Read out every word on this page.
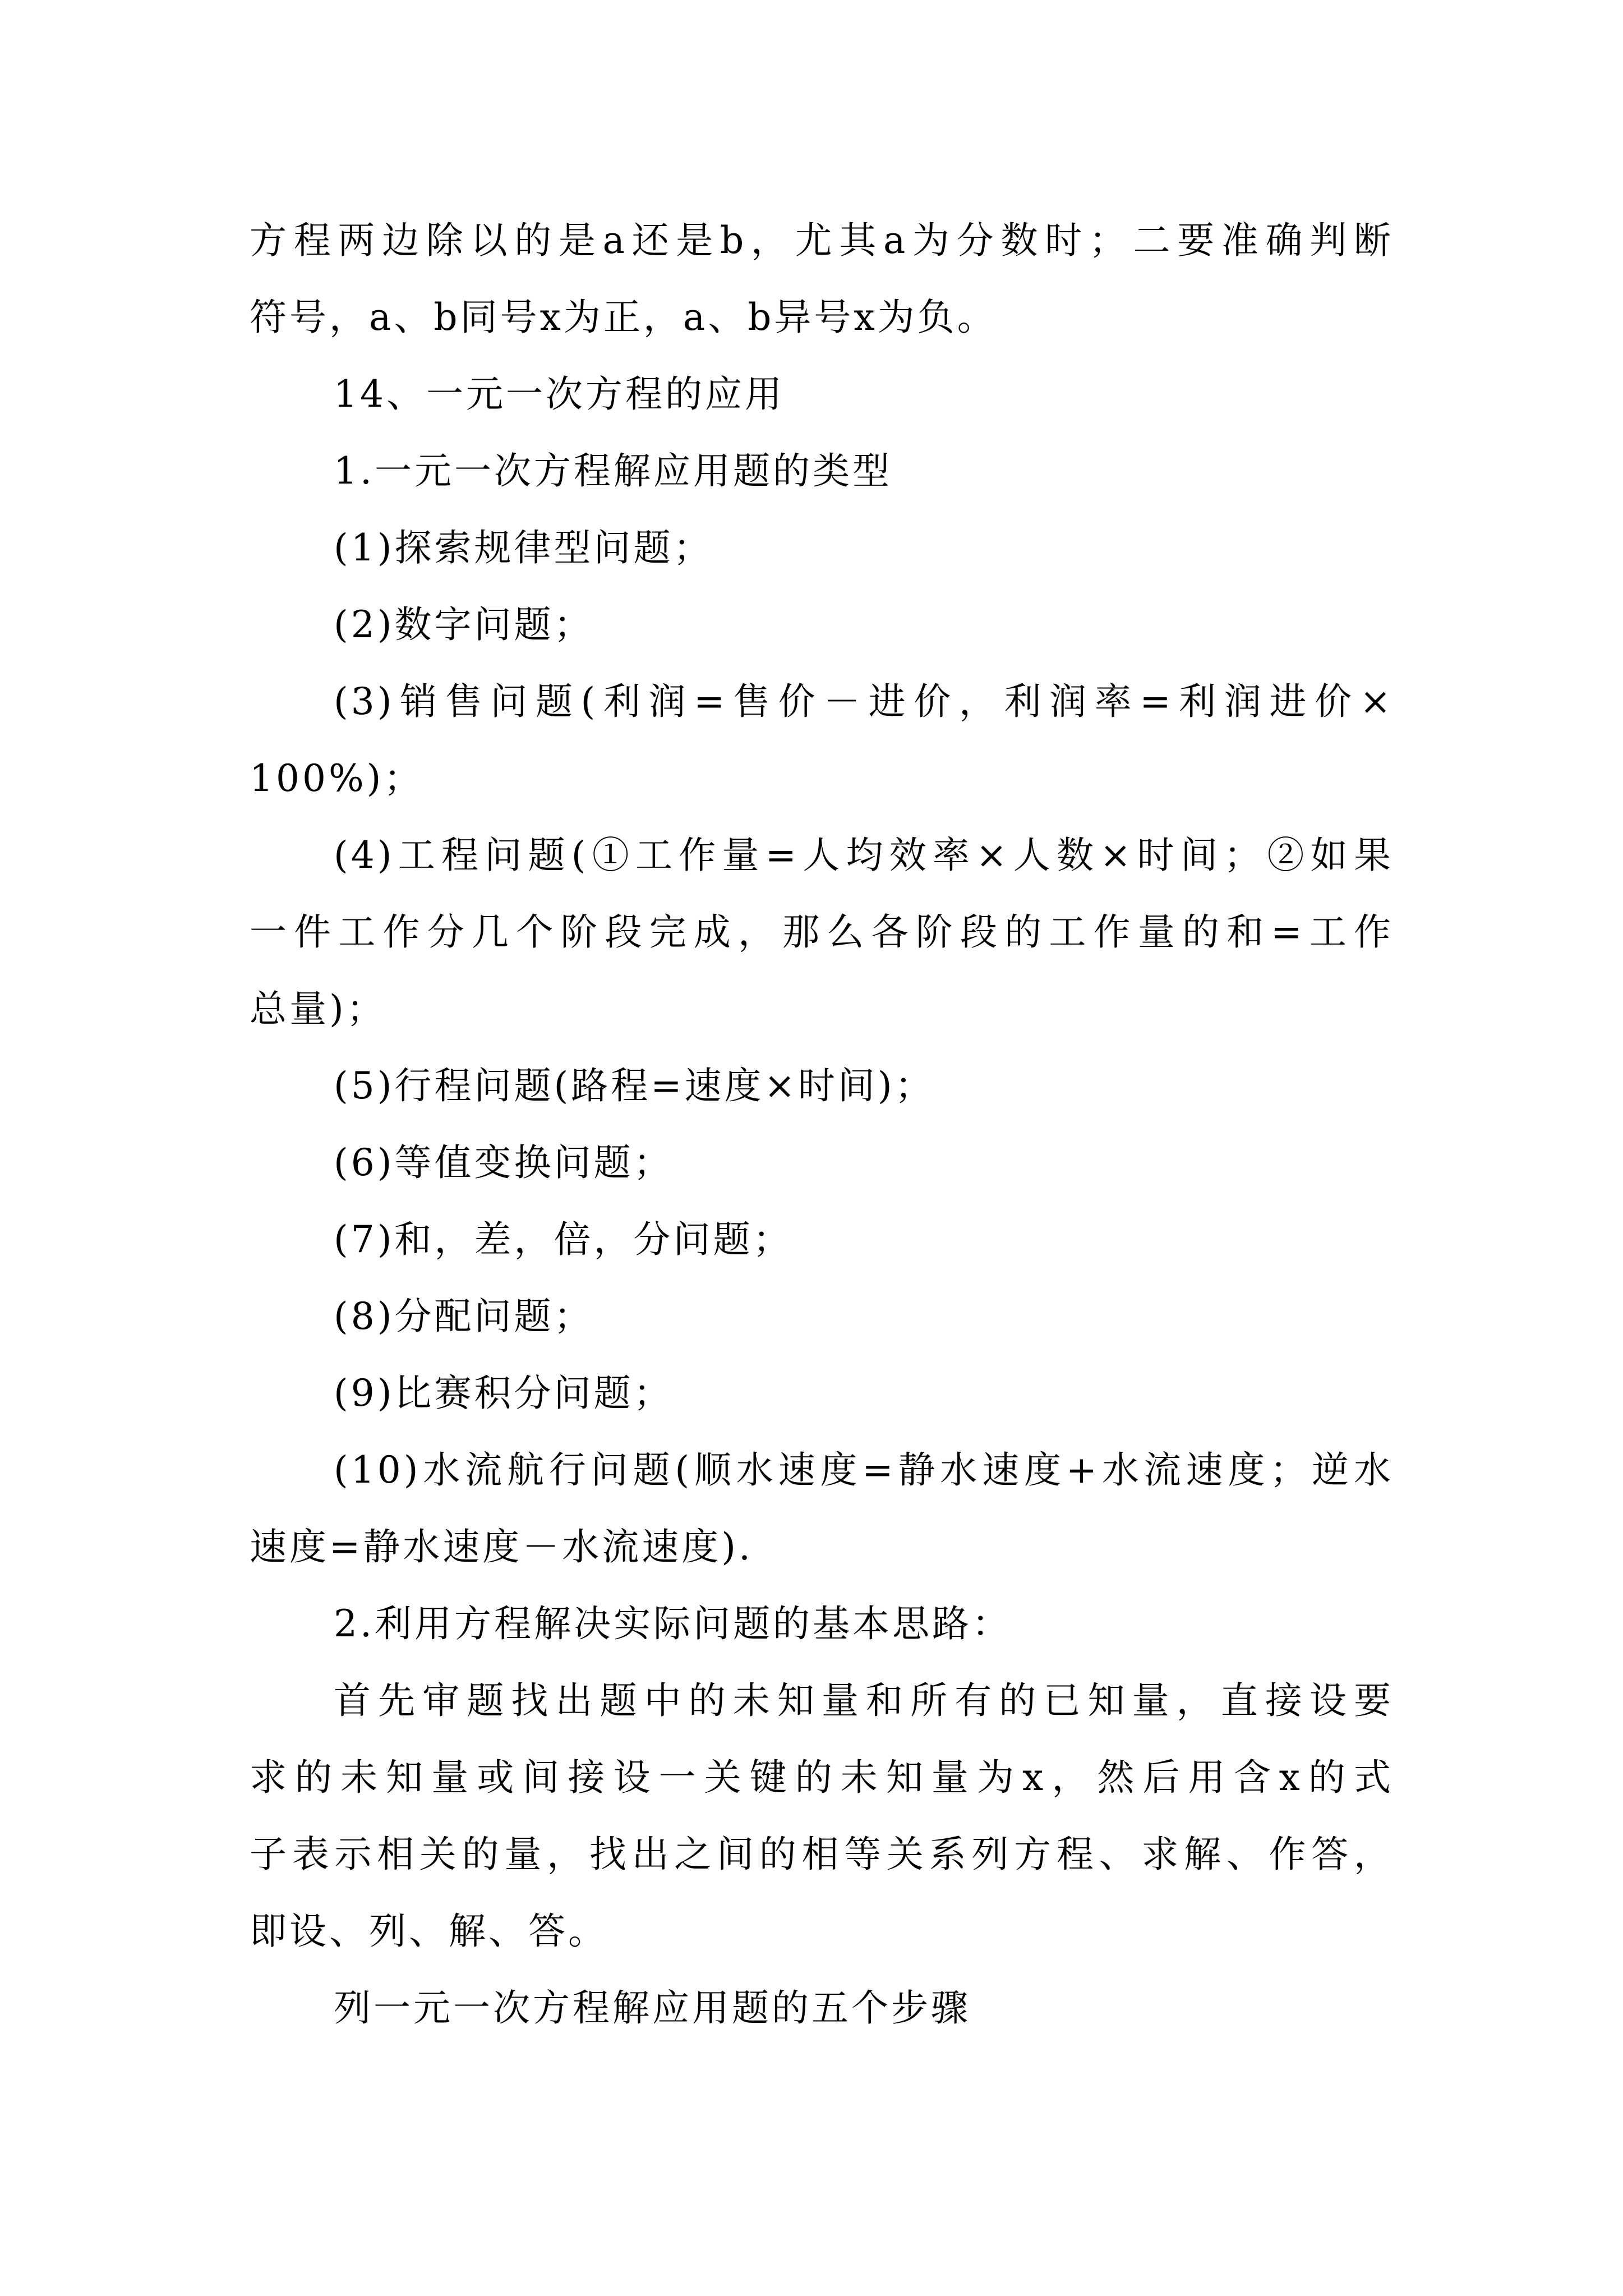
方程两边除以的是a还是b，尤其a为分数时；二要准确判断
符号，a、b同号x为正，a、b异号x为负。
14、一元一次方程的应用
1.一元一次方程解应用题的类型
(1)探索规律型问题；
(2)数字问题；
(3)销售问题(利润=售价－进价，利润率=利润进价×
100%)；
(4)工程问题(①工作量=人均效率×人数×时间；②如果
一件工作分几个阶段完成，那么各阶段的工作量的和=工作
总量)；
(5)行程问题(路程=速度×时间)；
(6)等值变换问题；
(7)和，差，倍，分问题；
(8)分配问题；
(9)比赛积分问题；
(10)水流航行问题(顺水速度=静水速度+水流速度；逆水
速度=静水速度－水流速度).
2.利用方程解决实际问题的基本思路：
首先审题找出题中的未知量和所有的已知量，直接设要
求的未知量或间接设一关键的未知量为x，然后用含x的式
子表示相关的量，找出之间的相等关系列方程、求解、作答，
即设、列、解、答。
列一元一次方程解应用题的五个步骤
